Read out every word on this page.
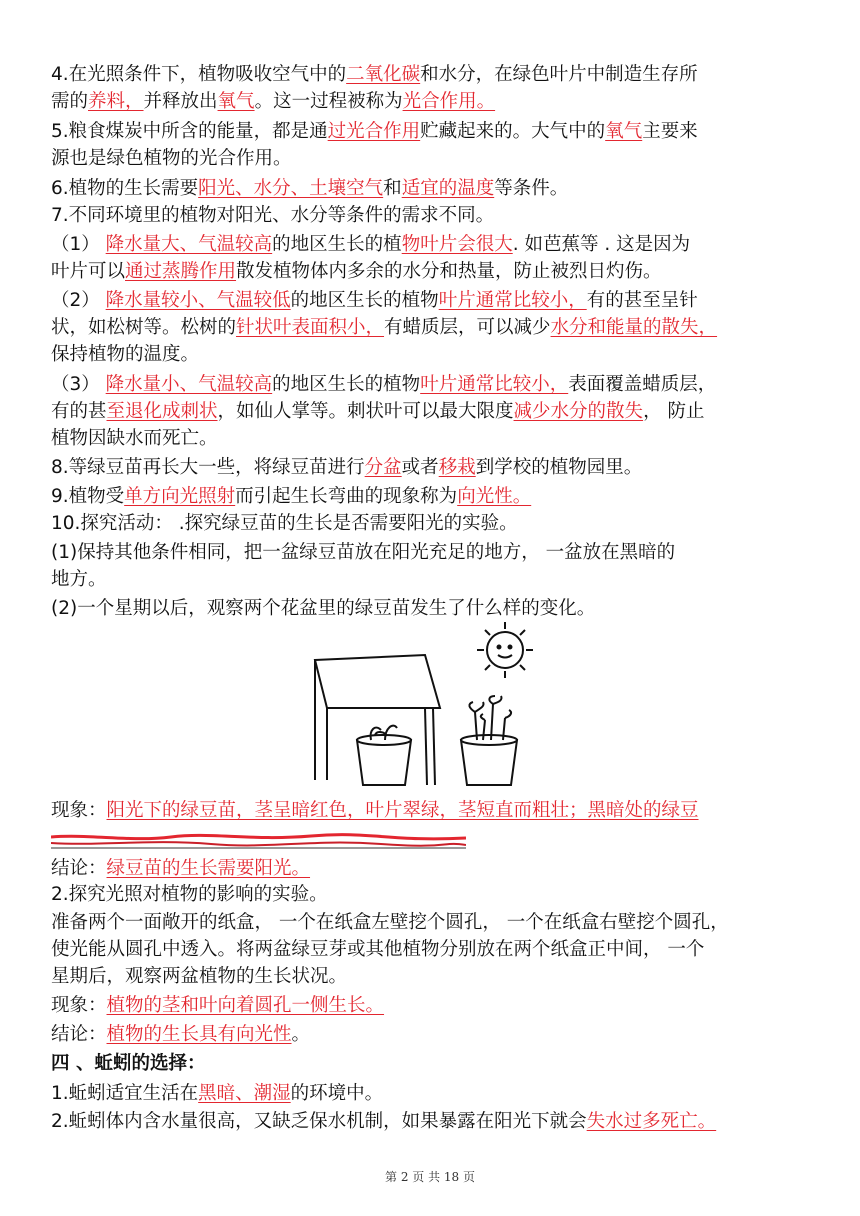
4.在光照条件下，植物吸收空气中的二氧化碳和水分，在绿色叶片中制造生存所
需的养料，并释放出氧气。这一过程被称为光合作用。
5.粮食煤炭中所含的能量，都是通过光合作用贮藏起来的。大气中的氧气主要来
源也是绿色植物的光合作用。
6.植物的生长需要阳光、水分、土壤空气和适宜的温度等条件。
7.不同环境里的植物对阳光、水分等条件的需求不同。
（1） 降水量大、气温较高的地区生长的植物叶片会很大. 如芭蕉等 . 这是因为
叶片可以通过蒸腾作用散发植物体内多余的水分和热量，防止被烈日灼伤。
（2） 降水量较小、气温较低的地区生长的植物叶片通常比较小，有的甚至呈针
状，如松树等。松树的针状叶表面积小，有蜡质层，可以减少水分和能量的散失，
保持植物的温度。
（3） 降水量小、气温较高的地区生长的植物叶片通常比较小，表面覆盖蜡质层，
有的甚至退化成刺状，如仙人掌等。刺状叶可以最大限度减少水分的散失， 防止
植物因缺水而死亡。
8.等绿豆苗再长大一些，将绿豆苗进行分盆或者移栽到学校的植物园里。
9.植物受单方向光照射而引起生长弯曲的现象称为向光性。
10.探究活动： .探究绿豆苗的生长是否需要阳光的实验。
(1)保持其他条件相同，把一盆绿豆苗放在阳光充足的地方， 一盆放在黑暗的
地方。
(2)一个星期以后，观察两个花盆里的绿豆苗发生了什么样的变化。
现象：阳光下的绿豆苗，茎呈暗红色，叶片翠绿，茎短直而粗壮；黑暗处的绿豆
结论：绿豆苗的生长需要阳光。
2.探究光照对植物的影响的实验。
准备两个一面敞开的纸盒， 一个在纸盒左壁挖个圆孔， 一个在纸盒右壁挖个圆孔，
使光能从圆孔中透入。将两盆绿豆芽或其他植物分别放在两个纸盒正中间， 一个
星期后，观察两盆植物的生长状况。
现象：植物的茎和叶向着圆孔一侧生长。
结论：植物的生长具有向光性。
四 、蚯蚓的选择：
1.蚯蚓适宜生活在黑暗、潮湿的环境中。
2.蚯蚓体内含水量很高，又缺乏保水机制，如果暴露在阳光下就会失水过多死亡。
第 2 页 共 18 页
